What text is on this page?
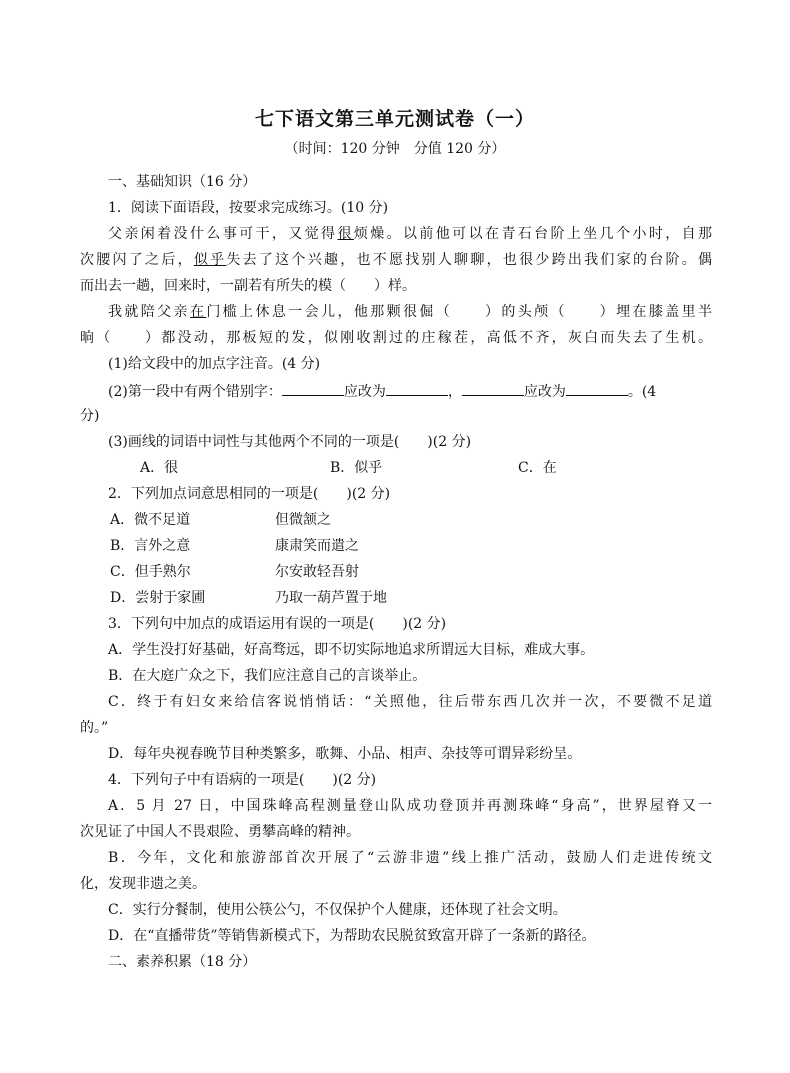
七下语文第三单元测试卷（一）
（时间：120 分钟　分值 120 分）
一、基础知识（16 分）
1．阅读下面语段，按要求完成练习。(10 分)
父亲闲着没什么事可干，又觉得很烦燥。以前他可以在青石台阶上坐几个小时，自那
次腰闪了之后，似乎失去了这个兴趣，也不愿找别人聊聊，也很少跨出我们家的台阶。偶
而出去一趟，回来时，一副若有所失的模（　　）样。
我就陪父亲在门槛上休息一会儿，他那颗很倔（　　）的头颅（　　）埋在膝盖里半
晌（　　）都没动，那板短的发，似刚收割过的庄稼茬，高低不齐，灰白而失去了生机。
(1)给文段中的加点字注音。(4 分)
(2)第一段中有两个错别字：	应改为	，	应改为	。(4
分)
(3)画线的词语中词性与其他两个不同的一项是(　　)(2 分)
A．很	B．似乎	C．在
2．下列加点词意思相同的一项是(　　)(2 分)
A．微不足道	但微颔之
B．言外之意	康肃笑而遣之
C．但手熟尔	尔安敢轻吾射
D．尝射于家圃	乃取一葫芦置于地
3．下列句中加点的成语运用有误的一项是(　　)(2 分)
A．学生没打好基础，好高骛远，即不切实际地追求所谓远大目标，难成大事。
B．在大庭广众之下，我们应注意自己的言谈举止。
C．终于有妇女来给信客说悄悄话：“关照他，往后带东西几次并一次，不要微不足道
的。”
D．每年央视春晚节目种类繁多，歌舞、小品、相声、杂技等可谓异彩纷呈。
4．下列句子中有语病的一项是(　　)(2 分)
A．5 月 27 日，中国珠峰高程测量登山队成功登顶并再测珠峰“身高”，世界屋脊又一
次见证了中国人不畏艰险、勇攀高峰的精神。
B．今年，文化和旅游部首次开展了“云游非遗”线上推广活动，鼓励人们走进传统文
化，发现非遗之美。
C．实行分餐制，使用公筷公勺，不仅保护个人健康，还体现了社会文明。
D．在“直播带货”等销售新模式下，为帮助农民脱贫致富开辟了一条新的路径。
二、素养积累（18 分）
